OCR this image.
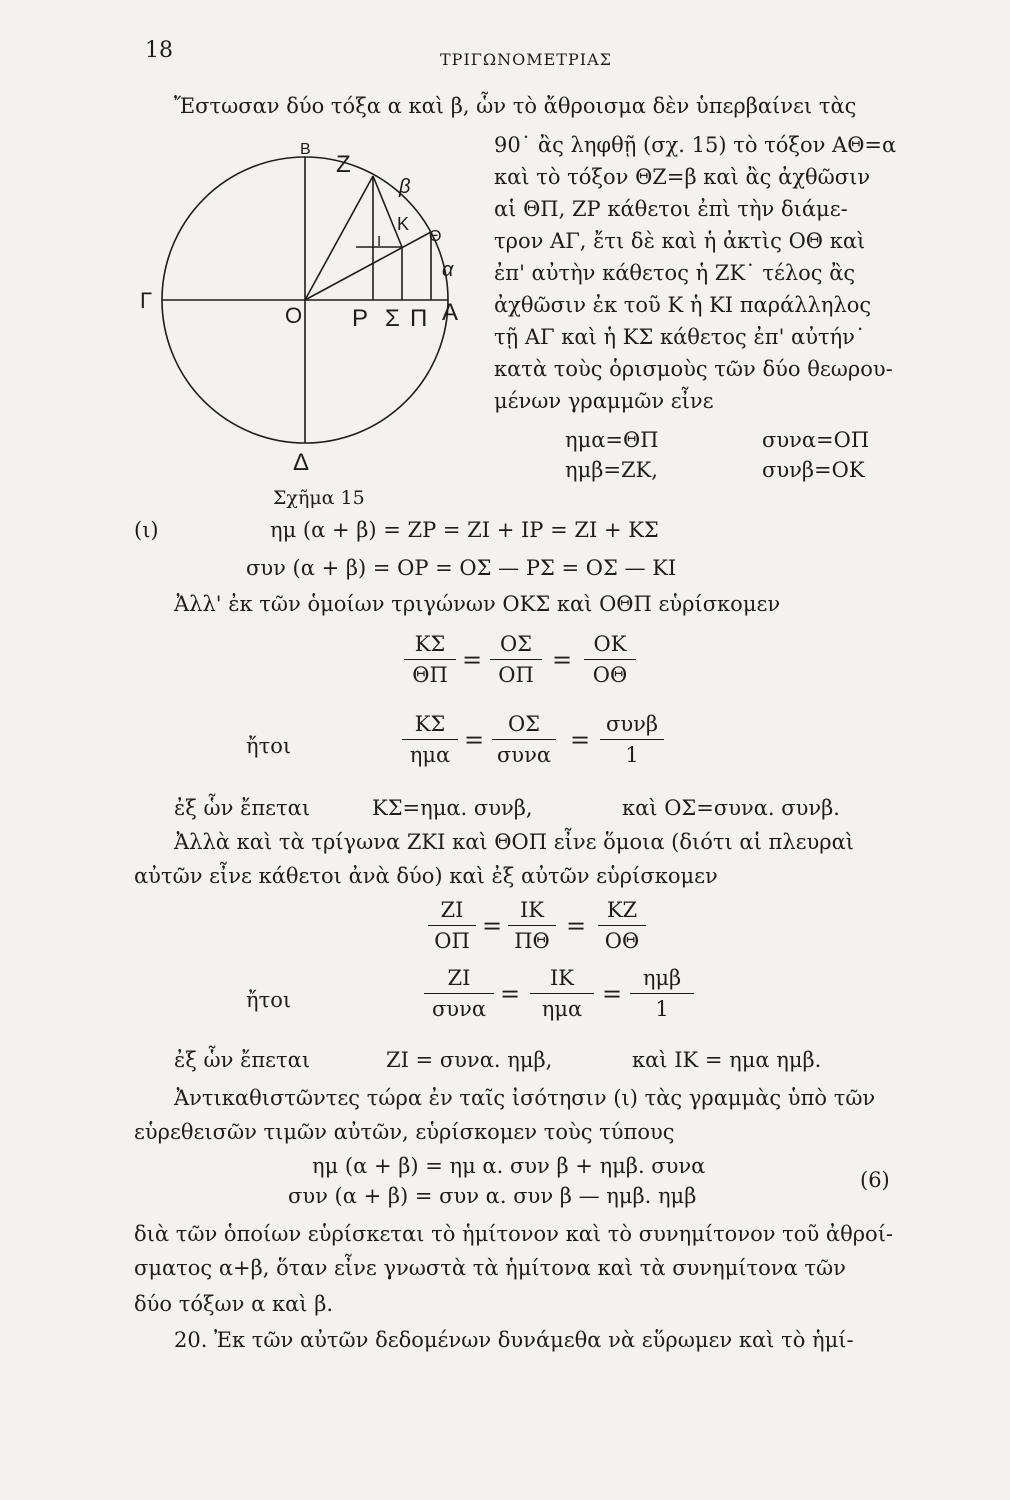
18	ΤΡΙΓΩΝΟΜΕΤΡΙΑΣ
B
Z
β
I
K
Θ
α
Γ
O P Σ Π A
Δ
Σχῆμα 15
Ἔστωσαν δύο τόξα α καὶ β, ὧν τὸ ἄθροισμα δὲν ὑπερβαίνει τὰς
90˙ ἂς ληφθῇ (σχ. 15) τὸ τόξον ΑΘ=α
καὶ τὸ τόξον ΘΖ=β καὶ ἂς ἀχθῶσιν
αἱ ΘΠ, ΖΡ κάθετοι ἐπὶ τὴν διάμε-
τρον ΑΓ, ἔτι δὲ καὶ ἡ ἀκτὶς ΟΘ καὶ
ἐπ' αὐτὴν κάθετος ἡ ΖΚ˙ τέλος ἂς
ἀχθῶσιν ἐκ τοῦ Κ ἡ ΚΙ παράλληλος
τῇ ΑΓ καὶ ἡ ΚΣ κάθετος ἐπ' αὐτήν˙
κατὰ τοὺς ὁρισμοὺς τῶν δύο θεωρου-
μένων γραμμῶν εἶνε
ημα=ΘΠ	συνα=ΟΠ
ημβ=ΖΚ,	συνβ=ΟΚ
(ι)	ημ (α + β) = ΖΡ = ΖΙ + ΙΡ = ΖΙ + ΚΣ
συν (α + β) = ΟΡ = ΟΣ — ΡΣ = ΟΣ — ΚΙ
Ἀλλ' ἐκ τῶν ὁμοίων τριγώνων ΟΚΣ καὶ ΟΘΠ εὑρίσκομεν
$\frac{K\Sigma}{\Theta\Pi} = \frac{O\Sigma}{O\Pi} = \frac{OK}{O\Theta}$
ἤτοι
ΚΣ
ημα
=
ΟΣ
συνα
=
συνβ
1
ἐξ ὧν ἔπεται	ΚΣ=ημα. συνβ,	καὶ ΟΣ=συνα. συνβ.
Ἀλλὰ καὶ τὰ τρίγωνα ΖΚΙ καὶ ΘΟΠ εἶνε ὅμοια (διότι αἱ πλευραὶ
αὐτῶν εἶνε κάθετοι ἀνὰ δύο) καὶ ἐξ αὐτῶν εὑρίσκομεν
$\frac{ZI}{O\Pi} = \frac{IK}{\Pi\Theta} = \frac{KZ}{O\Theta}$
ἤτοι
ΖΙ
συνα
=
ΙΚ
ημα
=
ημβ
1
ἐξ ὧν ἔπεται	ΖΙ = συνα. ημβ,	καὶ ΙΚ = ημα ημβ.
Ἀντικαθιστῶντες τώρα ἐν ταῖς ἰσότησιν (ι) τὰς γραμμὰς ὑπὸ τῶν
εὑρεθεισῶν τιμῶν αὐτῶν, εὑρίσκομεν τοὺς τύπους
ημ (α + β) = ημ α. συν β + ημβ. συνα
συν (α + β) = συν α. συν β — ημβ. ημβ
(6)
διὰ τῶν ὁποίων εὑρίσκεται τὸ ἡμίτονον καὶ τὸ συνημίτονον τοῦ ἀθροί-
σματος α+β, ὅταν εἶνε γνωστὰ τὰ ἡμίτονα καὶ τὰ συνημίτονα τῶν
δύο τόξων α καὶ β.
20. Ἐκ τῶν αὐτῶν δεδομένων δυνάμεθα νὰ εὕρωμεν καὶ τὸ ἡμί-
